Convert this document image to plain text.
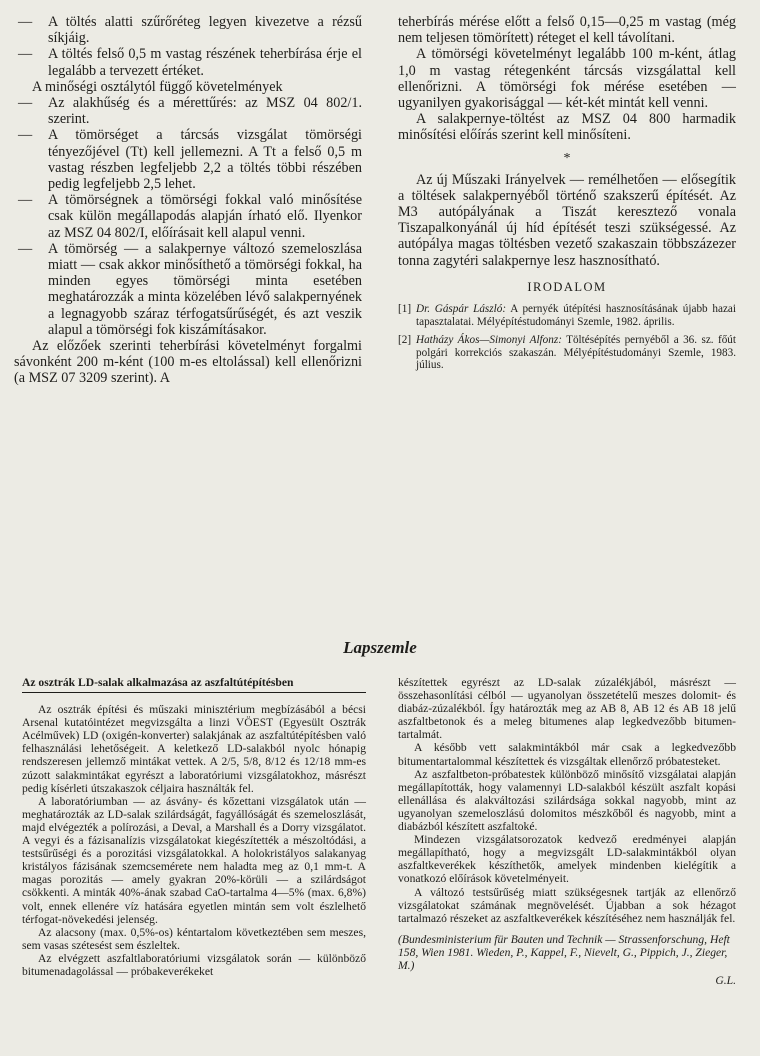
—	A töltés alatti szűrőréteg legyen kivezetve a rézsű síkjáig.
—	A töltés felső 0,5 m vastag részének teherbírása érje el legalább a tervezett értéket.

A minőségi osztálytól függő követelmények

—	Az alakhűség és a mérettűrés: az MSZ 04 802/1. szerint.
—	A tömörséget a tárcsás vizsgálat tömörségi tényezőjével (Tt) kell jellemezni. A Tt a felső 0,5 m vastag részben legfeljebb 2,2 a töltés többi részében pedig legfeljebb 2,5 lehet.
—	A tömörségnek a tömörségi fokkal való minősítése csak külön megállapodás alapján írható elő. Ilyenkor az MSZ 04 802/I, előírásait kell alapul venni.
—	A tömörség — a salakpernye változó szemeloszlása miatt — csak akkor minősíthető a tömörségi fokkal, ha minden egyes tömörségi minta esetében meghatározzák a minta közelében lévő salakpernyének a legnagyobb száraz térfogatsűrűségét, és azt veszik alapul a tömörségi fok kiszámításakor.

Az előzőek szerinti teherbírási követelményt forgalmi sávonként 200 m-ként (100 m-es eltolással) kell ellenőrizni (a MSZ 07 3209 szerint). A

teherbírás mérése előtt a felső 0,15—0,25 m vastag (még nem teljesen tömörített) réteget el kell távolítani.

A tömörségi követelményt legalább 100 m-ként, átlag 1,0 m vastag rétegenként tárcsás vizsgálattal kell ellenőrizni. A tömörségi fok mérése esetében — ugyanilyen gyakorisággal — két-két mintát kell venni.

A salakpernye-töltést az MSZ 04 800 harmadik minősítési előírás szerint kell minősíteni.

*

Az új Műszaki Irányelvek — remélhetően — elősegítik a töltések salakpernyéből történő szakszerű építését. Az M3 autópályának a Tiszát keresztező vonala Tiszapalkonyánál új híd építését teszi szükségessé. Az autópálya magas töltésben vezető szakaszain többszázezer tonna zagytéri salakpernye lesz hasznosítható.

IRODALOM
[1] Dr. Gáspár László: A pernyék útépítési hasznosításának újabb hazai tapasztalatai. Mélyépítéstudományi Szemle, 1982. április.
[2] Hatházy Ákos—Simonyi Alfonz: Töltésépítés pernyéből a 36. sz. főút polgári korrekciós szakaszán. Mélyépítéstudományi Szemle, 1983. július.
Lapszemle
Az osztrák LD-salak alkalmazása az aszfaltútépítésben

Az osztrák építési és műszaki minisztérium megbízásából a bécsi Arsenal kutatóintézet megvizsgálta a linzi VÖEST (Egyesült Osztrák Acélművek) LD (oxigén-konverter) salakjának az aszfaltútépítésben való felhasználási lehetőségeit. A keletkező LD-salakból nyolc hónapig rendszeresen jellemző mintákat vettek. A 2/5, 5/8, 8/12 és 12/18 mm-es zúzott salakmintákat egyrészt a laboratóriumi vizsgálatokhoz, másrészt pedig kísérleti útszakaszok céljaira használták fel.

A laboratóriumban — az ásvány- és kőzettani vizsgálatok után — meghatározták az LD-salak szilárdságát, fagyállóságát és szemeloszlását, majd elvégezték a polírozási, a Deval, a Marshall és a Dorry vizsgálatot. A vegyi és a fázisanalízis vizsgálatokat kiegészítették a mészoltódási, a testsűrűségi és a porozitási vizsgálatokkal. A holokristályos salakanyag kristályos fázisának szemcsemérete nem haladta meg az 0,1 mm-t. A magas porozitás — amely gyakran 20%-körüli — a szilárdságot csökkenti. A minták 40%-ának szabad CaO-tartalma 4—5% (max. 6,8%) volt, ennek ellenére víz hatására egyetlen mintán sem volt észlelhető térfogat-növekedési jelenség.

Az alacsony (max. 0,5%-os) kéntartalom következtében sem meszes, sem vasas szétesést sem észleltek.

Az elvégzett aszfaltlaboratóriumi vizsgálatok során — különböző bitumenadagolással — próbakeverékeket

készítettek egyrészt az LD-salak zúzalékjából, másrészt — összehasonlítási célból — ugyanolyan összetételű meszes dolomit- és diabáz-zúzalékból. Így határozták meg az AB 8, AB 12 és AB 18 jelű aszfaltbetonok és a meleg bitumenes alap legkedvezőbb bitumen-tartalmát.

A később vett salakmintákból már csak a legkedvezőbb bitumentartalommal készítettek és vizsgáltak ellenőrző próbatesteket.

Az aszfaltbeton-próbatestek különböző minősítő vizsgálatai alapján megállapították, hogy valamennyi LD-salakból készült aszfalt kopási ellenállása és alakváltozási szilárdsága sokkal nagyobb, mint az ugyanolyan szemeloszlású dolomitos mészkőből és nagyobb, mint a diabázból készített aszfaltoké.

Mindezen vizsgálatsorozatok kedvező eredményei alapján megállapítható, hogy a megvizsgált LD-salakmintákból olyan aszfaltkeverékek készíthetők, amelyek mindenben kielégítik a vonatkozó előírások követelményeit.

A változó testsűrűség miatt szükségesnek tartják az ellenőrző vizsgálatokat számának megnövelését. Újabban a sok hézagot tartalmazó részeket az aszfaltkeverékek készítéséhez nem használják fel.

(Bundesministerium für Bauten und Technik — Strassenforschung, Heft 158, Wien 1981. Wieden, P., Kappel, F., Nievelt, G., Pippich, J., Zieger, M.)
G.L.
